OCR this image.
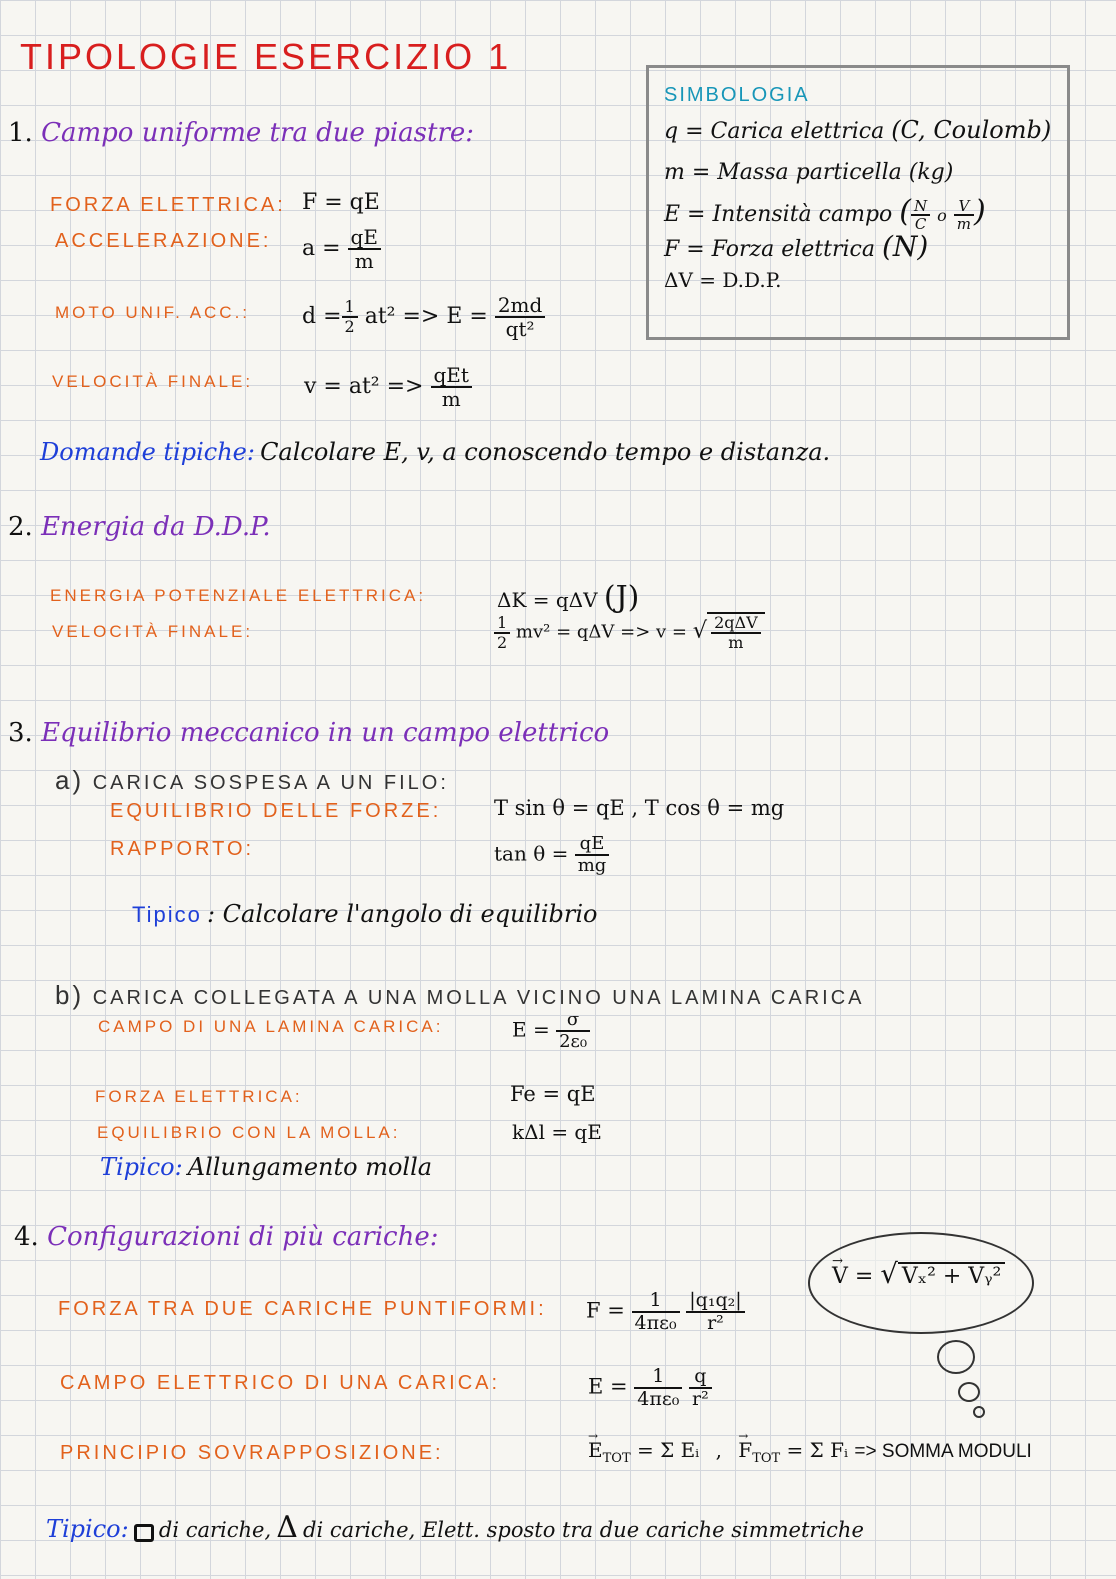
TIPOLOGIE ESERCIZIO 1
SIMBOLOGIA
q = Carica elettrica (C, Coulomb)
m = Massa particella (kg)
E = Intensità campo ( $\frac{N}{C}$ o $\frac{V}{m}$ )
F = Forza elettrica (N)
ΔV = D.D.P.
1. Campo uniforme tra due piastre:
FORZA ELETTRICA: F = qE
ACCELERAZIONE: $a = \frac{qE}{m}$
MOTO UNIF. ACC.: $d = \frac{1}{2} at^2 => E = \frac{2md}{\text{qt²}}$
VELOCITÀ FINALE: $v = at^2 => \frac{\text{qEt}}{m}$
Domande tipiche: Calcolare E, v, a conoscendo tempo e distanza.
2. Energia da D.D.P.
ENERGIA POTENZIALE ELETTRICA:	ΔK = qΔV (J)
VELOCITÀ FINALE:	$\frac{1}{2} mv^2 = q\Delta V => v$ = √ $\frac{\text{2qΔV}}{m}$
3. Equilibrio meccanico in un campo elettrico
a) CARICA SOSPESA A UN FILO:
EQUILIBRIO DELLE FORZE:	T sin θ = qE , T cos θ = mg
RAPPORTO:	$\tan \theta = \frac{qE}{mg}$
Tipico : Calcolare l'angolo di equilibrio
b) CARICA COLLEGATA A UNA MOLLA VICINO UNA LAMINA CARICA
CAMPO DI UNA LAMINA CARICA:	$E = \frac{\sigma}{\text{2ε₀}}$
FORZA ELETTRICA:	Fe = qE
EQUILIBRIO CON LA MOLLA:	kΔl = qE
Tipico: Allungamento molla
4. Configurazioni di più cariche:
→ V = √ Vₓ² + Vᵧ²
FORZA TRA DUE CARICHE PUNTIFORMI: $F = \frac{1}{\text{4πε₀}}$
$\frac{\text{|q₁q₂|}}{\text{r²}}$
CAMPO ELETTRICO DI UNA CARICA:	$E = \frac{1}{\text{4πε₀}}$
$\frac{q}{\text{r²}}$
PRINCIPIO SOVRAPPOSIZIONE:	→ $E_{TOT} = \Sigma$ Eᵢ , → $F_{TOT} = \Sigma$ Fᵢ => SOMMA MODULI
Tipico: di cariche, Δ di cariche, Elett. sposto tra due cariche simmetriche
